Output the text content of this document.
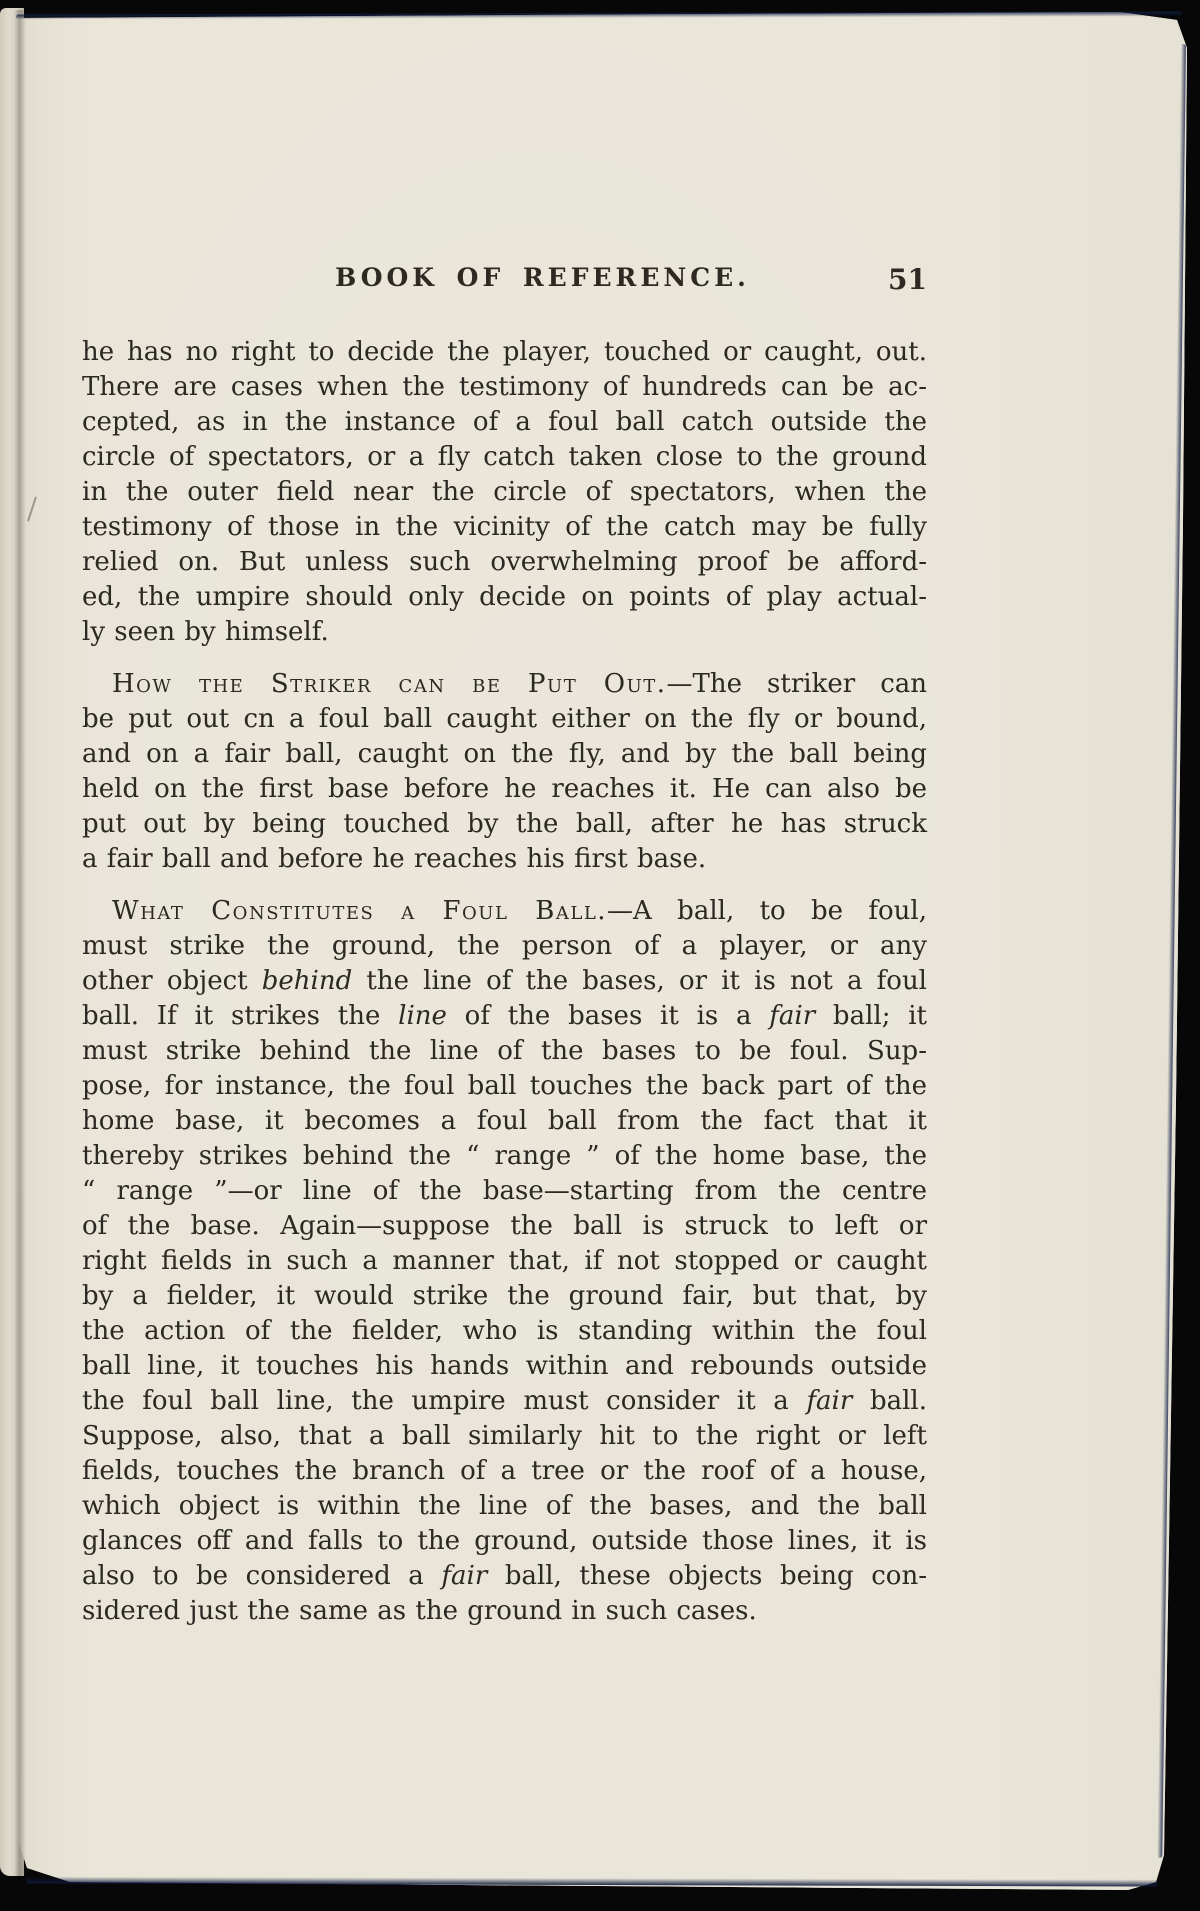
BOOK OF REFERENCE.	51
he has no right to decide the player, touched or caught, out.
There are cases when the testimony of hundreds can be ac-
cepted, as in the instance of a foul ball catch outside the
circle of spectators, or a fly catch taken close to the ground
in the outer field near the circle of spectators, when the
testimony of those in the vicinity of the catch may be fully
relied on. But unless such overwhelming proof be afford-
ed, the umpire should only decide on points of play actual-
ly seen by himself.
How the Striker can be Put Out.—The striker can
be put out cn a foul ball caught either on the fly or bound,
and on a fair ball, caught on the fly, and by the ball being
held on the first base before he reaches it. He can also be
put out by being touched by the ball, after he has struck
a fair ball and before he reaches his first base.
What Constitutes a Foul Ball.—A ball, to be foul,
must strike the ground, the person of a player, or any
other object behind the line of the bases, or it is not a foul
ball. If it strikes the line of the bases it is a fair ball; it
must strike behind the line of the bases to be foul. Sup-
pose, for instance, the foul ball touches the back part of the
home base, it becomes a foul ball from the fact that it
thereby strikes behind the “ range ” of the home base, the
“ range ”—or line of the base—starting from the centre
of the base. Again—suppose the ball is struck to left or
right fields in such a manner that, if not stopped or caught
by a fielder, it would strike the ground fair, but that, by
the action of the fielder, who is standing within the foul
ball line, it touches his hands within and rebounds outside
the foul ball line, the umpire must consider it a fair ball.
Suppose, also, that a ball similarly hit to the right or left
fields, touches the branch of a tree or the roof of a house,
which object is within the line of the bases, and the ball
glances off and falls to the ground, outside those lines, it is
also to be considered a fair ball, these objects being con-
sidered just the same as the ground in such cases.
